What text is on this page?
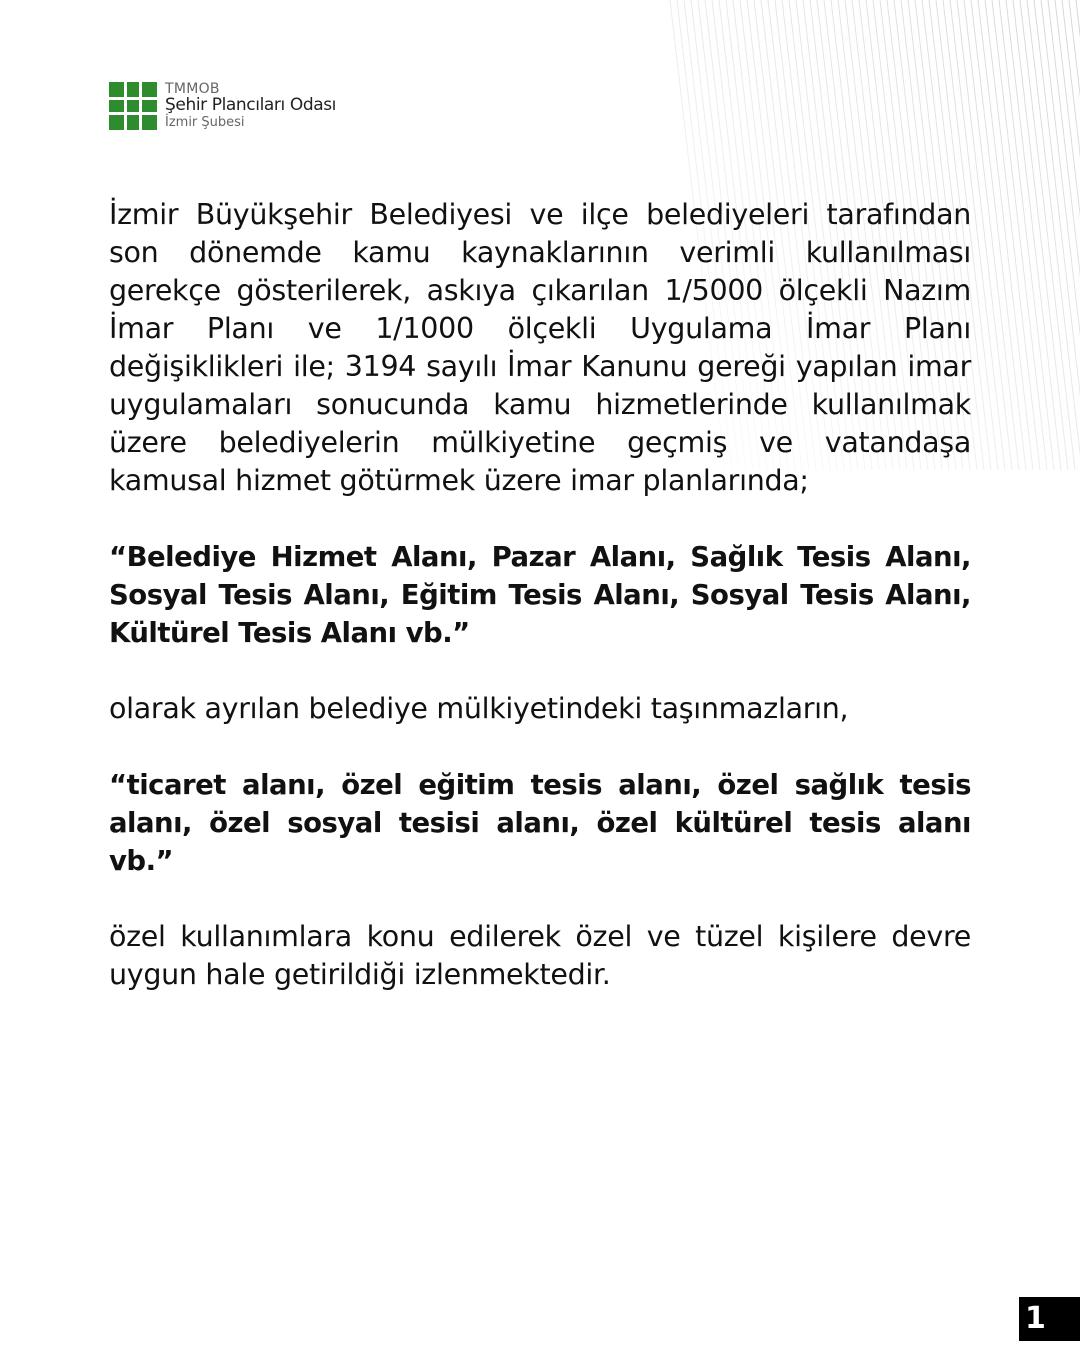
TMMOB
Şehir Plancıları Odası
İzmir Şubesi

İzmir Büyükşehir Belediyesi ve ilçe belediyeleri tarafından son dönemde kamu kaynaklarının verimli kullanılması gerekçe gösterilerek, askıya çıkarılan 1/5000 ölçekli Nazım İmar Planı ve 1/1000 ölçekli Uygulama İmar Planı değişiklikleri ile; 3194 sayılı İmar Kanunu gereği yapılan imar uygulamaları sonucunda kamu hizmetlerinde kullanılmak üzere belediyelerin mülkiyetine geçmiş ve vatandaşa kamusal hizmet götürmek üzere imar planlarında;

“Belediye Hizmet Alanı, Pazar Alanı, Sağlık Tesis Alanı, Sosyal Tesis Alanı, Eğitim Tesis Alanı, Sosyal Tesis Alanı, Kültürel Tesis Alanı vb.”

olarak ayrılan belediye mülkiyetindeki taşınmazların,

“ticaret alanı, özel eğitim tesis alanı, özel sağlık tesis alanı, özel sosyal tesisi alanı, özel kültürel tesis alanı vb.”

özel kullanımlara konu edilerek özel ve tüzel kişilere devre uygun hale getirildiği izlenmektedir.

1
